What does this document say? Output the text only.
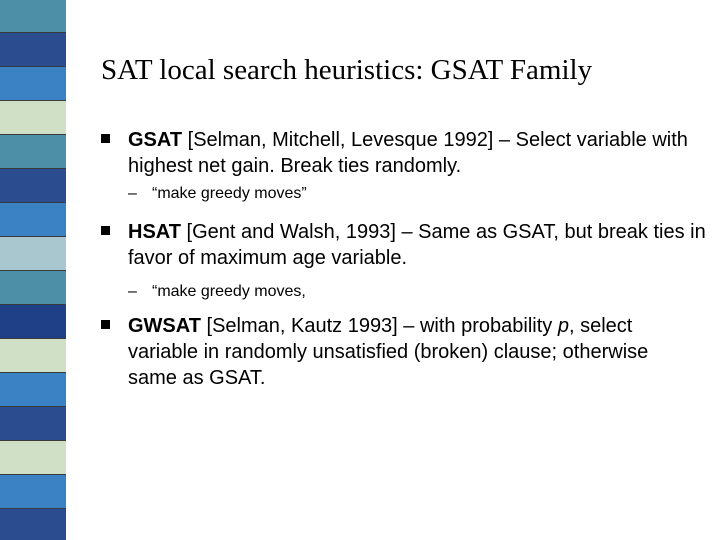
SAT local search heuristics: GSAT Family
GSAT [Selman, Mitchell, Levesque 1992] – Select variable with highest net gain. Break ties randomly.
– “make greedy moves”
HSAT [Gent and Walsh, 1993] – Same as GSAT, but break ties in favor of maximum age variable.
– “make greedy moves,
GWSAT [Selman, Kautz 1993] – with probability p, select variable in randomly unsatisfied (broken) clause; otherwise same as GSAT.
